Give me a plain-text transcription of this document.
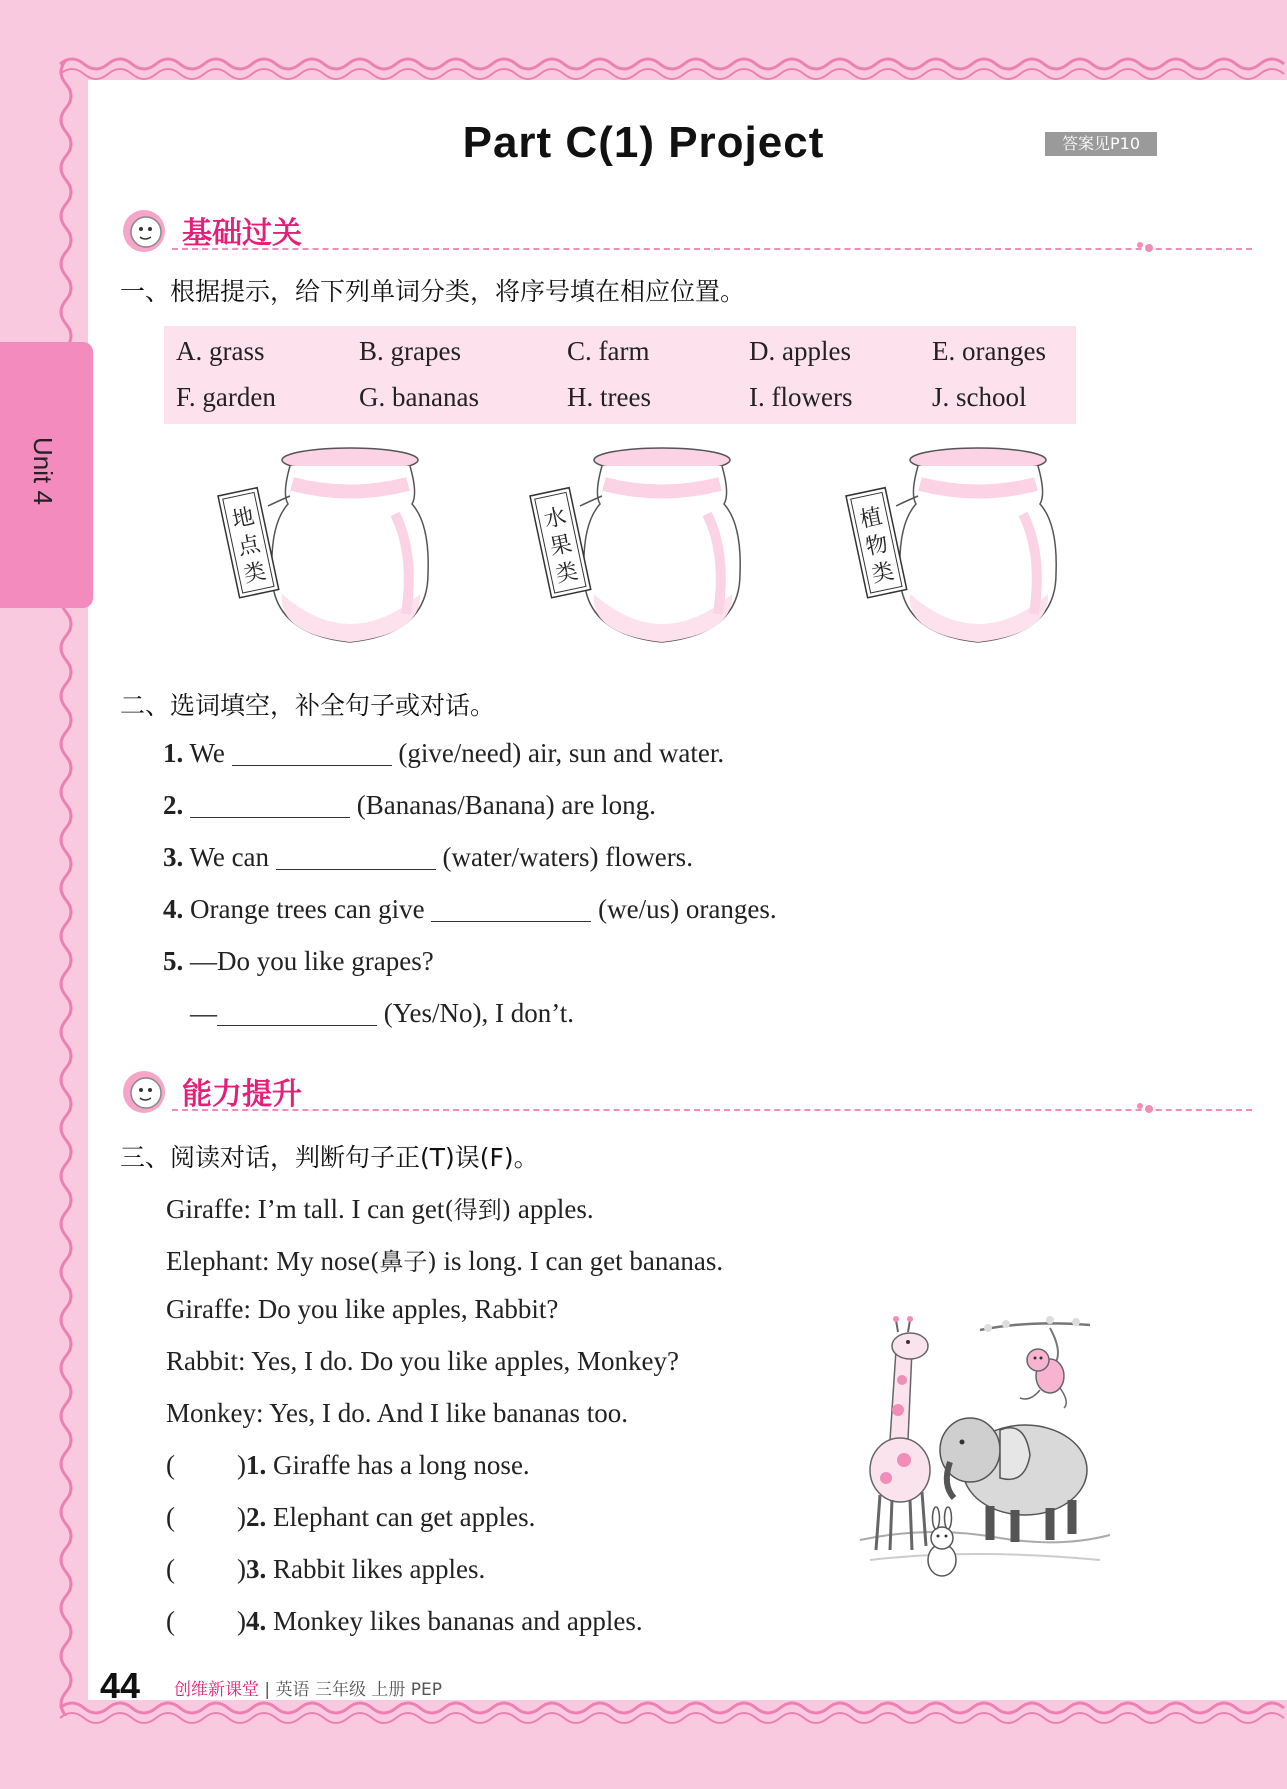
Unit 4
Part C(1) Project	答案见P10
基础过关
一、根据提示，给下列单词分类，将序号填在相应位置。
A. grass	B. grapes	C. farm	D. apples	E. oranges
F. garden	G. bananas	H. trees	I. flowers	J. school
地
点
类
水
果
类
植
物
类
二、选词填空，补全句子或对话。
1. We	(give/need) air, sun and water.
2.	(Bananas/Banana) are long.
3. We can	(water/waters) flowers.
4. Orange trees can give	(we/us) oranges.
5. —Do you like grapes?
—	(Yes/No), I don’t.
能力提升
三、阅读对话，判断句子正(T)误(F)。
Giraffe: I’m tall. I can get(得到) apples.
Elephant: My nose(鼻子) is long. I can get bananas.
Giraffe: Do you like apples, Rabbit?
Rabbit: Yes, I do. Do you like apples, Monkey?
Monkey: Yes, I do. And I like bananas too.
( )1. Giraffe has a long nose.
( )2. Elephant can get apples.
( )3. Rabbit likes apples.
( )4. Monkey likes bananas and apples.
44 创维新课堂 | 英语 三年级 上册 PEP
